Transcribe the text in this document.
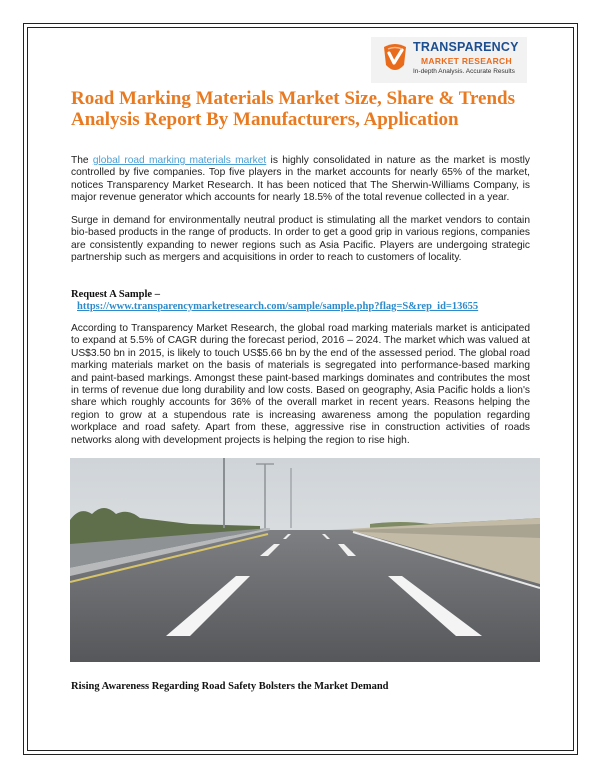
TRANSPARENCY
MARKET RESEARCH
In-depth Analysis. Accurate Results
Road Marking Materials Market Size, Share & Trends Analysis Report By Manufacturers, Application

The global road marking materials market is highly consolidated in nature as the market is mostly controlled by five companies. Top five players in the market accounts for nearly 65% of the market, notices Transparency Market Research. It has been noticed that The Sherwin-Williams Company, is major revenue generator which accounts for nearly 18.5% of the total revenue collected in a year.

Surge in demand for environmentally neutral product is stimulating all the market vendors to contain bio-based products in the range of products. In order to get a good grip in various regions, companies are consistently expanding to newer regions such as Asia Pacific. Players are undergoing strategic partnership such as mergers and acquisitions in order to reach to customers of locality.

Request A Sample –
https://www.transparencymarketresearch.com/sample/sample.php?flag=S&rep_id=13655

According to Transparency Market Research, the global road marking materials market is anticipated to expand at 5.5% of CAGR during the forecast period, 2016 – 2024. The market which was valued at US$3.50 bn in 2015, is likely to touch US$5.66 bn by the end of the assessed period. The global road marking materials market on the basis of materials is segregated into performance-based marking and paint-based markings. Amongst these paint-based markings dominates and contributes the most in terms of revenue due long durability and low costs. Based on geography, Asia Pacific holds a lion's share which roughly accounts for 36% of the overall market in recent years. Reasons helping the region to grow at a stupendous rate is increasing awareness among the population regarding workplace and road safety. Apart from these, aggressive rise in construction activities of roads networks along with development projects is helping the region to rise high.

Rising Awareness Regarding Road Safety Bolsters the Market Demand
